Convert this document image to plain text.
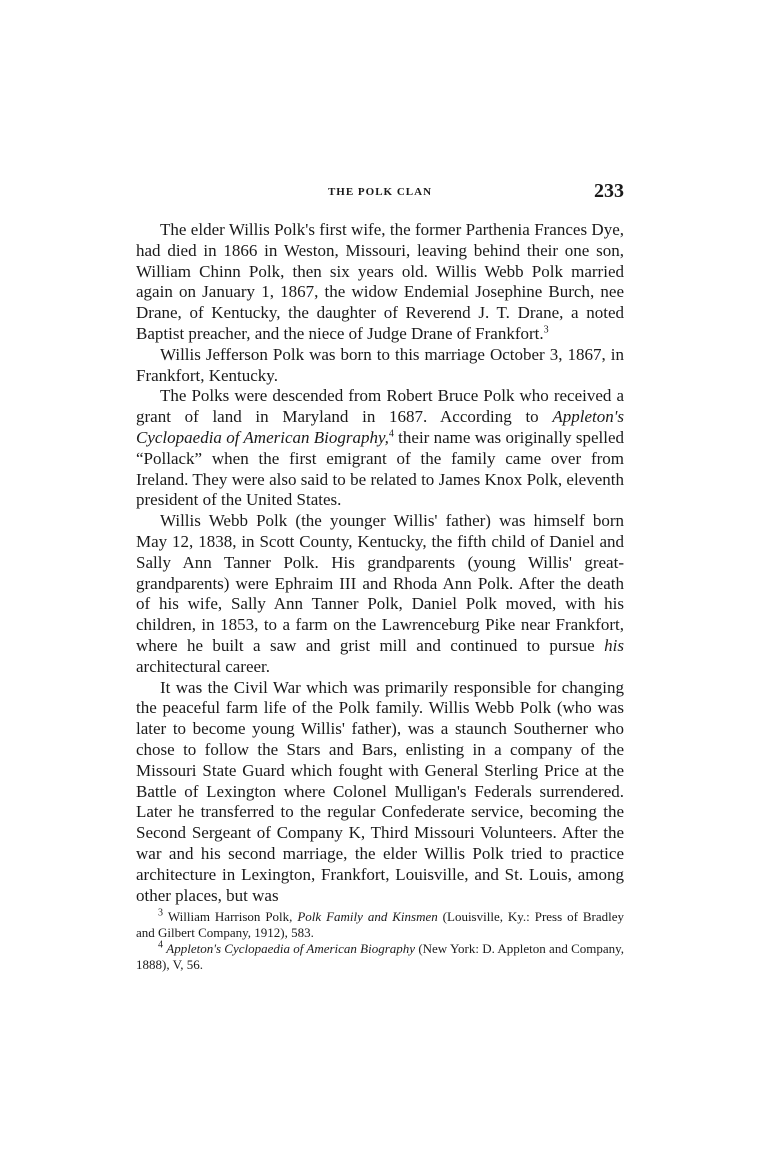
THE POLK CLAN	233

The elder Willis Polk's first wife, the former Parthenia Frances Dye, had died in 1866 in Weston, Missouri, leaving behind their one son, William Chinn Polk, then six years old. Willis Webb Polk married again on January 1, 1867, the widow Endemial Josephine Burch, nee Drane, of Kentucky, the daughter of Reverend J. T. Drane, a noted Baptist preacher, and the niece of Judge Drane of Frankfort.$^3$

Willis Jefferson Polk was born to this marriage October 3, 1867, in Frankfort, Kentucky.

The Polks were descended from Robert Bruce Polk who received a grant of land in Maryland in 1687. According to Appleton's Cyclopaedia of American Biography,$^4$ their name was originally spelled “Pollack” when the first emigrant of the family came over from Ireland. They were also said to be related to James Knox Polk, eleventh president of the United States.

Willis Webb Polk (the younger Willis' father) was himself born May 12, 1838, in Scott County, Kentucky, the fifth child of Daniel and Sally Ann Tanner Polk. His grandparents (young Willis' great-grandparents) were Ephraim III and Rhoda Ann Polk. After the death of his wife, Sally Ann Tanner Polk, Daniel Polk moved, with his children, in 1853, to a farm on the Lawrenceburg Pike near Frankfort, where he built a saw and grist mill and continued to pursue his architectural career.

It was the Civil War which was primarily responsible for changing the peaceful farm life of the Polk family. Willis Webb Polk (who was later to become young Willis' father), was a staunch Southerner who chose to follow the Stars and Bars, enlisting in a company of the Missouri State Guard which fought with General Sterling Price at the Battle of Lexington where Colonel Mulligan's Federals surrendered. Later he transferred to the regular Confederate service, becoming the Second Sergeant of Company K, Third Missouri Volunteers. After the war and his second marriage, the elder Willis Polk tried to practice architecture in Lexington, Frankfort, Louisville, and St. Louis, among other places, but was

$^3$ William Harrison Polk, Polk Family and Kinsmen (Louisville, Ky.: Press of Bradley and Gilbert Company, 1912), 583.

$^4$ Appleton's Cyclopaedia of American Biography (New York: D. Appleton and Company, 1888), V, 56.
